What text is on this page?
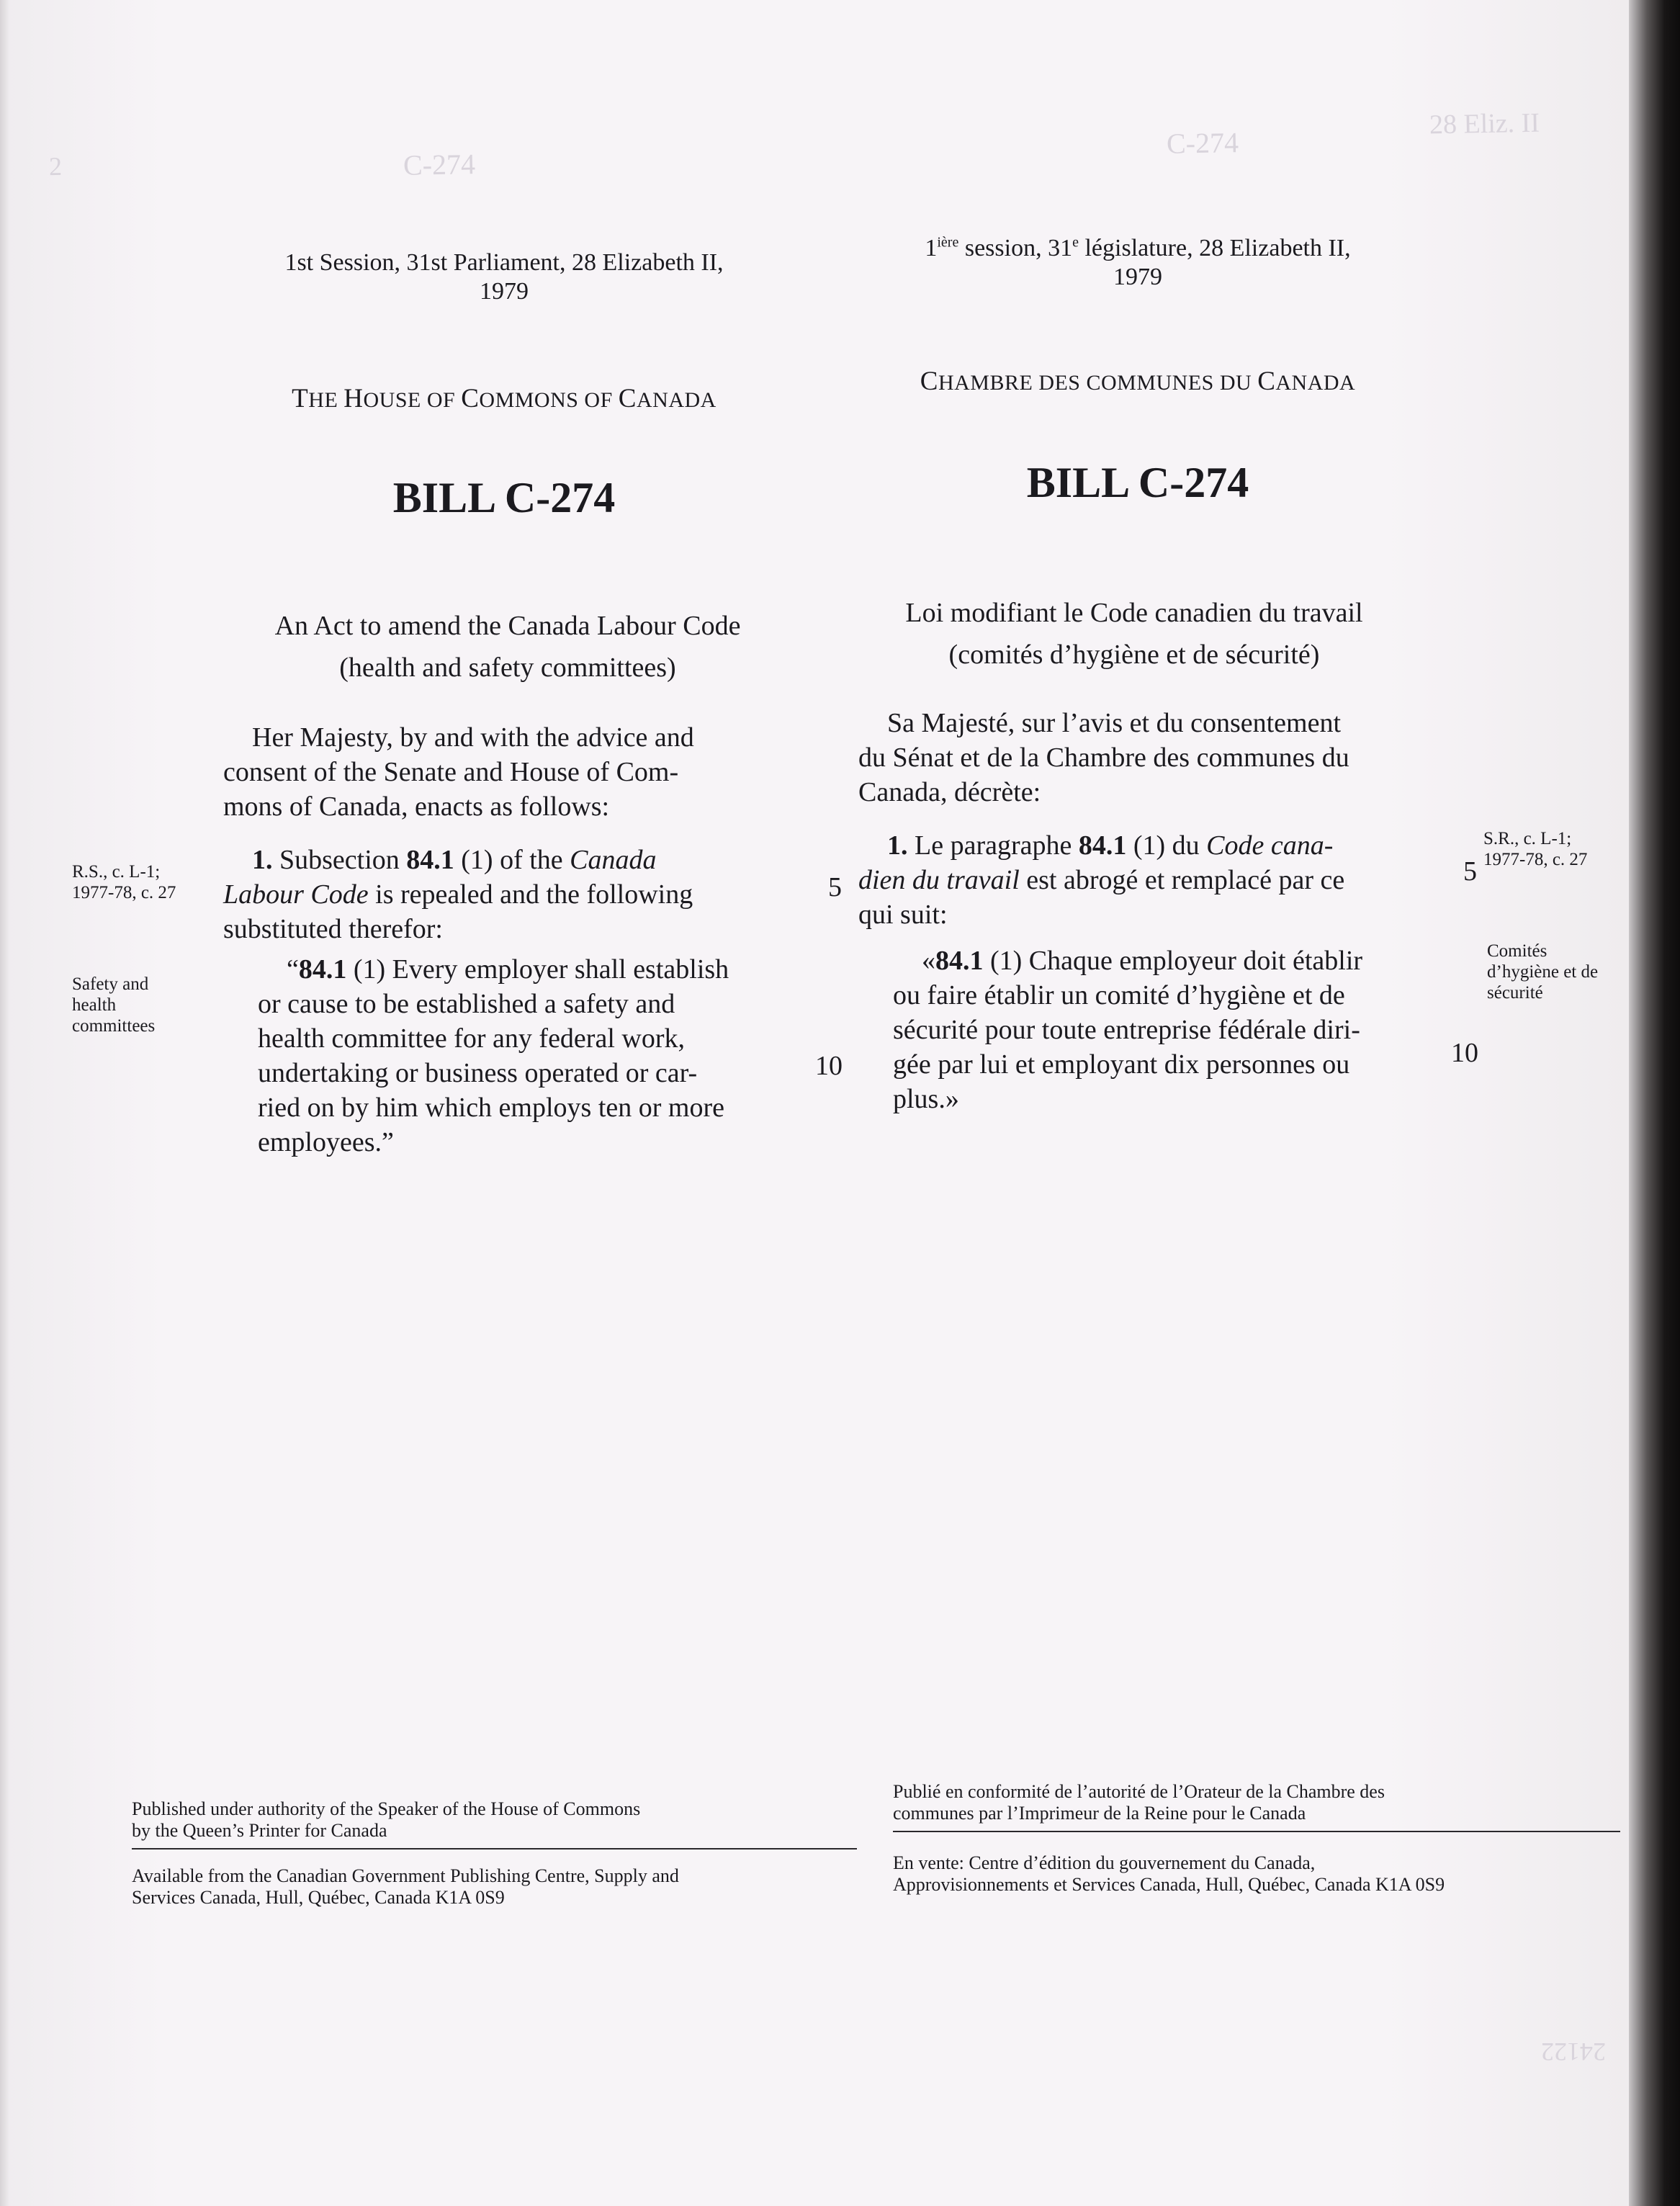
C-274
C-274
28 Eliz. II
2
24122
1st Session, 31st Parliament, 28 Elizabeth II,
1979
THE HOUSE OF COMMONS OF CANADA
BILL C-274
An Act to amend the Canada Labour Code
(health and safety committees)
Her Majesty, by and with the advice and
consent of the Senate and House of Com-
mons of Canada, enacts as follows:
1. Subsection 84.1 (1) of the Canada
Labour Code is repealed and the following
substituted therefor:
“84.1 (1) Every employer shall establish
or cause to be established a safety and
health committee for any federal work,
undertaking or business operated or car-
ried on by him which employs ten or more
employees.”
R.S., c. L-1;
1977-78, c. 27
Safety and
health
committees
5
10
$1^{ière}$ session, 31e législature, 28 Elizabeth II,
1979
CHAMBRE DES COMMUNES DU CANADA
BILL C-274
Loi modifiant le Code canadien du travail
(comités d’hygiène et de sécurité)
Sa Majesté, sur l’avis et du consentement
du Sénat et de la Chambre des communes du
Canada, décrète:
1. Le paragraphe 84.1 (1) du Code cana-
dien du travail est abrogé et remplacé par ce
qui suit:
«84.1 (1) Chaque employeur doit établir
ou faire établir un comité d’hygiène et de
sécurité pour toute entreprise fédérale diri-
gée par lui et employant dix personnes ou
plus.»
S.R., c. L-1;
1977-78, c. 27
Comités
d’hygiène et de
sécurité
5
10
Published under authority of the Speaker of the House of Commons
by the Queen’s Printer for Canada
Available from the Canadian Government Publishing Centre, Supply and
Services Canada, Hull, Québec, Canada K1A 0S9
Publié en conformité de l’autorité de l’Orateur de la Chambre des
communes par l’Imprimeur de la Reine pour le Canada
En vente: Centre d’édition du gouvernement du Canada,
Approvisionnements et Services Canada, Hull, Québec, Canada K1A 0S9
